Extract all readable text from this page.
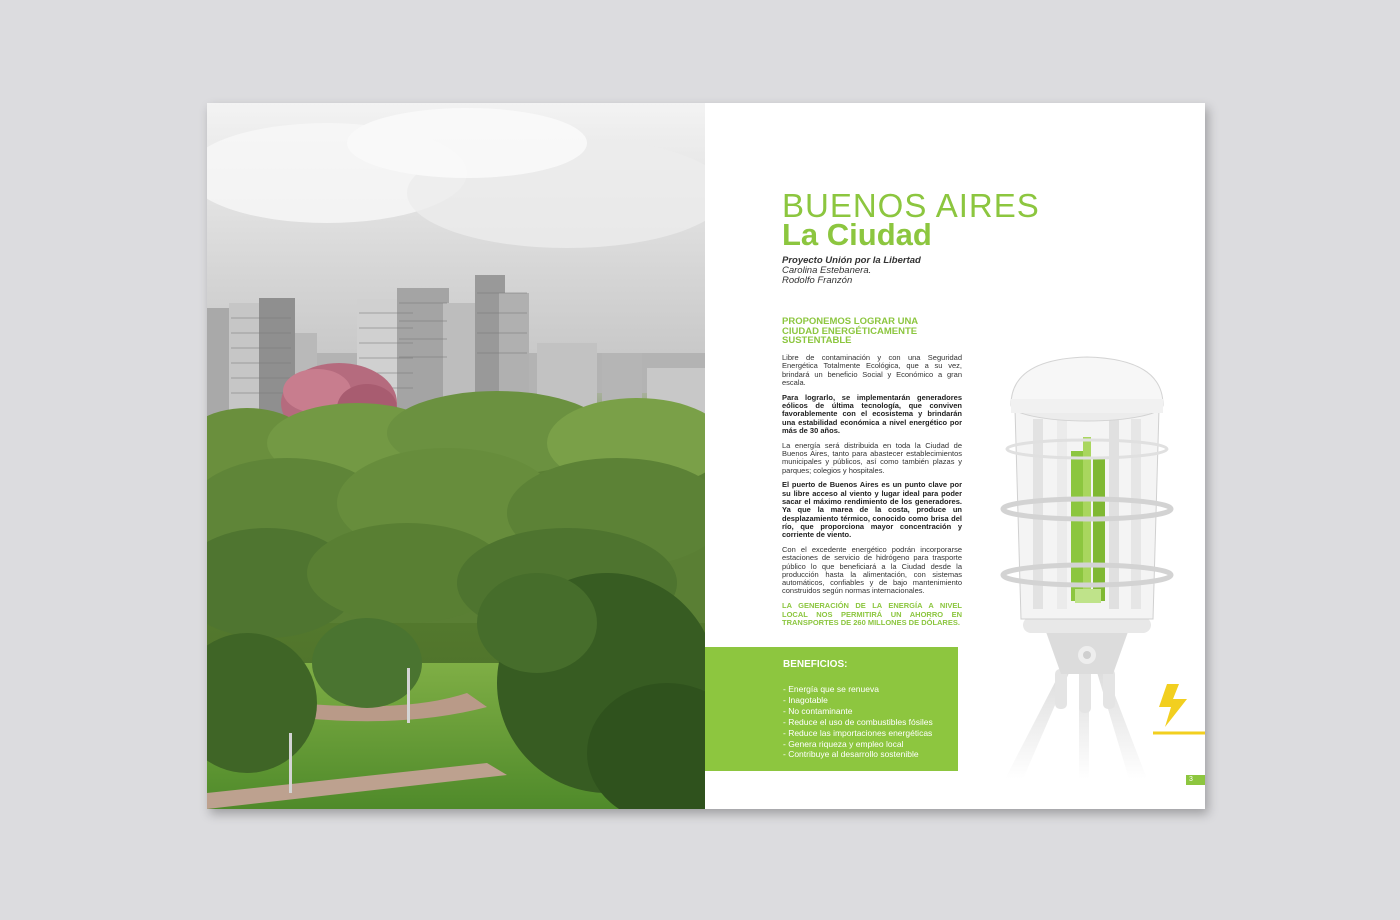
BUENOS AIRES
La Ciudad
Proyecto Unión por la Libertad
Carolina Estebanera.
Rodolfo Franzón
PROPONEMOS LOGRAR UNA CIUDAD ENERGÉTICAMENTE SUSTENTABLE

Libre de contaminación y con una Seguridad Energética Totalmente Ecológica, que a su vez, brindará un beneficio Social y Económico a gran escala.

Para lograrlo, se implementarán generadores eólicos de última tecnología, que conviven favorablemente con el ecosistema y brindarán una estabilidad económica a nivel energético por más de 30 años.

La energía será distribuida en toda la Ciudad de Buenos Aires, tanto para abastecer establecimientos municipales y públicos, así como también plazas y parques; colegios y hospitales.

El puerto de Buenos Aires es un punto clave por su libre acceso al viento y lugar ideal para poder sacar el máximo rendimiento de los generadores. Ya que la marea de la costa, produce un desplazamiento térmico, conocido como brisa del río, que proporciona mayor concentración y corriente de viento.

Con el excedente energético podrán incorporarse estaciones de servicio de hidrógeno para trasporte público lo que beneficiará a la Ciudad desde la producción hasta la alimentación, con sistemas automáticos, confiables y de bajo mantenimiento construidos según normas internacionales.

LA GENERACIÓN DE LA ENERGÍA A NIVEL LOCAL NOS PERMITIRÁ UN AHORRO EN TRANSPORTES DE 260 MILLONES DE DÓLARES.

BENEFICIOS:
- Energía que se renueva
- Inagotable
- No contaminante
- Reduce el uso de combustibles fósiles
- Reduce las importaciones energéticas
- Genera riqueza y empleo local
- Contribuye al desarrollo sostenible
3
